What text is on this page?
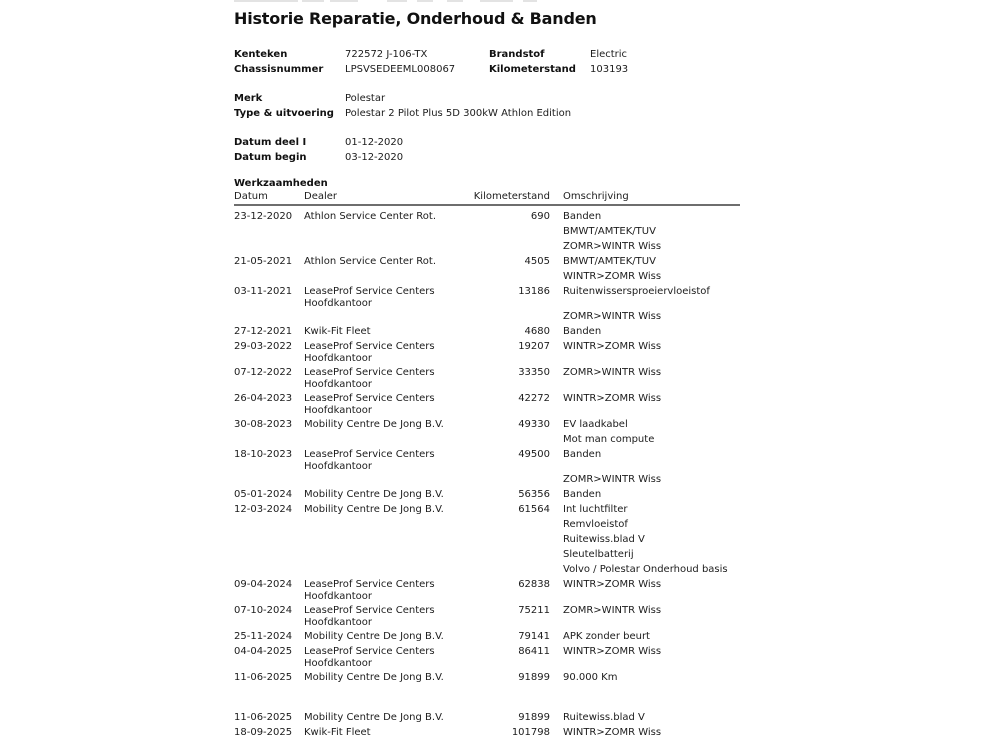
Historie Reparatie, Onderhoud & Banden
Kenteken	722572 J-106-TX	Brandstof	Electric
Chassisnummer	LPSVSEDEEML008067	Kilometerstand	103193
Merk	Polestar
Type & uitvoering	Polestar 2 Pilot Plus 5D 300kW Athlon Edition
Datum deel I	01-12-2020
Datum begin	03-12-2020
Werkzaamheden
Datum	Dealer	Kilometerstand	Omschrijving
23-12-2020	Athlon Service Center Rot.	690 Banden
BMWT/AMTEK/TUV
ZOMR>WINTR Wiss
21-05-2021	Athlon Service Center Rot.	4505 BMWT/AMTEK/TUV
WINTR>ZOMR Wiss
03-11-2021	LeaseProf Service Centers
Hoofdkantoor
13186 Ruitenwissersproeiervloeistof
ZOMR>WINTR Wiss
27-12-2021	Kwik-Fit Fleet	4680 Banden
29-03-2022	LeaseProf Service Centers
Hoofdkantoor
19207 WINTR>ZOMR Wiss
07-12-2022	LeaseProf Service Centers
Hoofdkantoor
33350 ZOMR>WINTR Wiss
26-04-2023	LeaseProf Service Centers
Hoofdkantoor
42272 WINTR>ZOMR Wiss
30-08-2023	Mobility Centre De Jong B.V.	49330 EV laadkabel
Mot man compute
18-10-2023	LeaseProf Service Centers
Hoofdkantoor
49500 Banden
ZOMR>WINTR Wiss
05-01-2024	Mobility Centre De Jong B.V.	56356 Banden
12-03-2024	Mobility Centre De Jong B.V.	61564 Int luchtfilter
Remvloeistof
Ruitewiss.blad V
Sleutelbatterij
Volvo / Polestar Onderhoud basis
09-04-2024	LeaseProf Service Centers
Hoofdkantoor
62838 WINTR>ZOMR Wiss
07-10-2024	LeaseProf Service Centers
Hoofdkantoor
75211 ZOMR>WINTR Wiss
25-11-2024	Mobility Centre De Jong B.V.	79141 APK zonder beurt
04-04-2025	LeaseProf Service Centers
Hoofdkantoor
86411 WINTR>ZOMR Wiss
11-06-2025	Mobility Centre De Jong B.V.	91899 90.000 Km
11-06-2025	Mobility Centre De Jong B.V.	91899 Ruitewiss.blad V
18-09-2025	Kwik-Fit Fleet	101798 WINTR>ZOMR Wiss
